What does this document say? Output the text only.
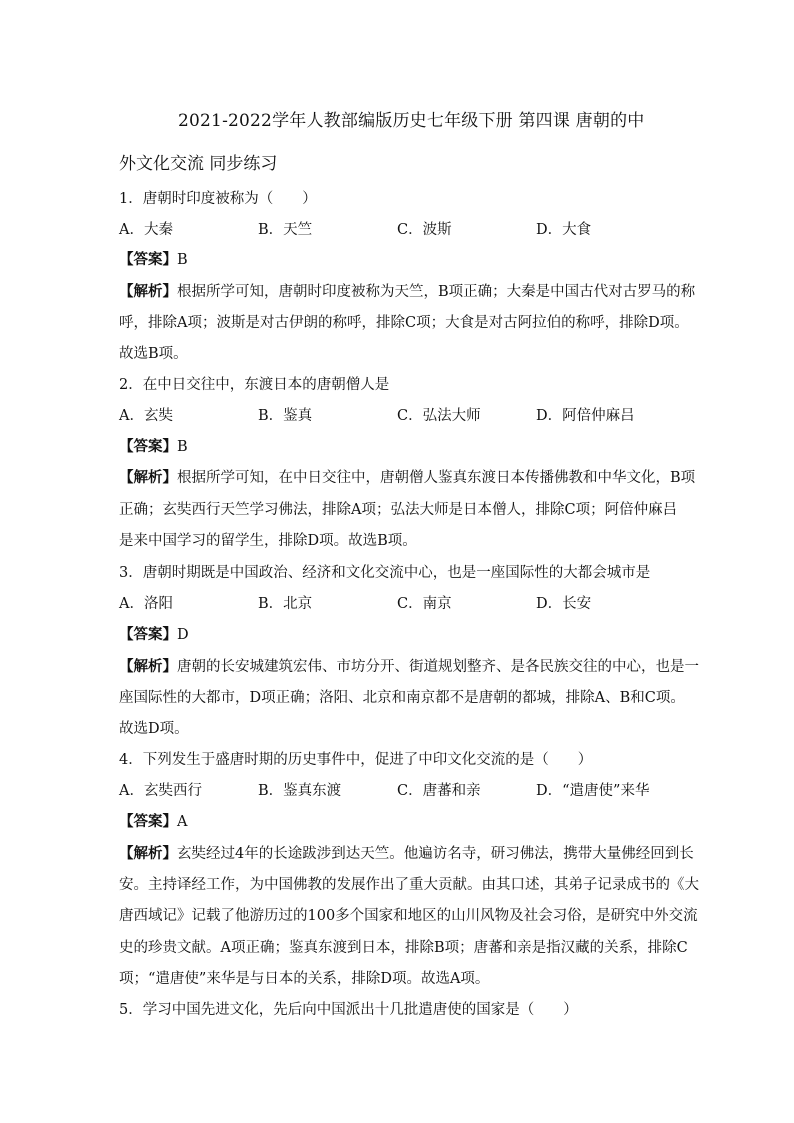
2021-2022学年人教部编版历史七年级下册 第四课 唐朝的中
外文化交流 同步练习
1．唐朝时印度被称为（　　）
A．大秦	B．天竺	C．波斯	D．大食
【答案】B
【解析】根据所学可知，唐朝时印度被称为天竺，B项正确；大秦是中国古代对古罗马的称
呼，排除A项；波斯是对古伊朗的称呼，排除C项；大食是对古阿拉伯的称呼，排除D项。
故选B项。
2．在中日交往中，东渡日本的唐朝僧人是
A．玄奘	B．鉴真	C．弘法大师	D．阿倍仲麻吕
【答案】B
【解析】根据所学可知，在中日交往中，唐朝僧人鉴真东渡日本传播佛教和中华文化，B项
正确；玄奘西行天竺学习佛法，排除A项；弘法大师是日本僧人，排除C项；阿倍仲麻吕
是来中国学习的留学生，排除D项。故选B项。
3．唐朝时期既是中国政治、经济和文化交流中心，也是一座国际性的大都会城市是
A．洛阳	B．北京	C．南京	D．长安
【答案】D
【解析】唐朝的长安城建筑宏伟、市坊分开、街道规划整齐、是各民族交往的中心，也是一
座国际性的大都市，D项正确；洛阳、北京和南京都不是唐朝的都城，排除A、B和C项。
故选D项。
4．下列发生于盛唐时期的历史事件中，促进了中印文化交流的是（　　）
A．玄奘西行	B．鉴真东渡	C．唐蕃和亲	D．“遣唐使”来华
【答案】A
【解析】玄奘经过4年的长途跋涉到达天竺。他遍访名寺，研习佛法，携带大量佛经回到长
安。主持译经工作，为中国佛教的发展作出了重大贡献。由其口述，其弟子记录成书的《大
唐西域记》记载了他游历过的100多个国家和地区的山川风物及社会习俗，是研究中外交流
史的珍贵文献。A项正确；鉴真东渡到日本，排除B项；唐蕃和亲是指汉藏的关系，排除C
项；“遣唐使”来华是与日本的关系，排除D项。故选A项。
5．学习中国先进文化，先后向中国派出十几批遣唐使的国家是（　　）
